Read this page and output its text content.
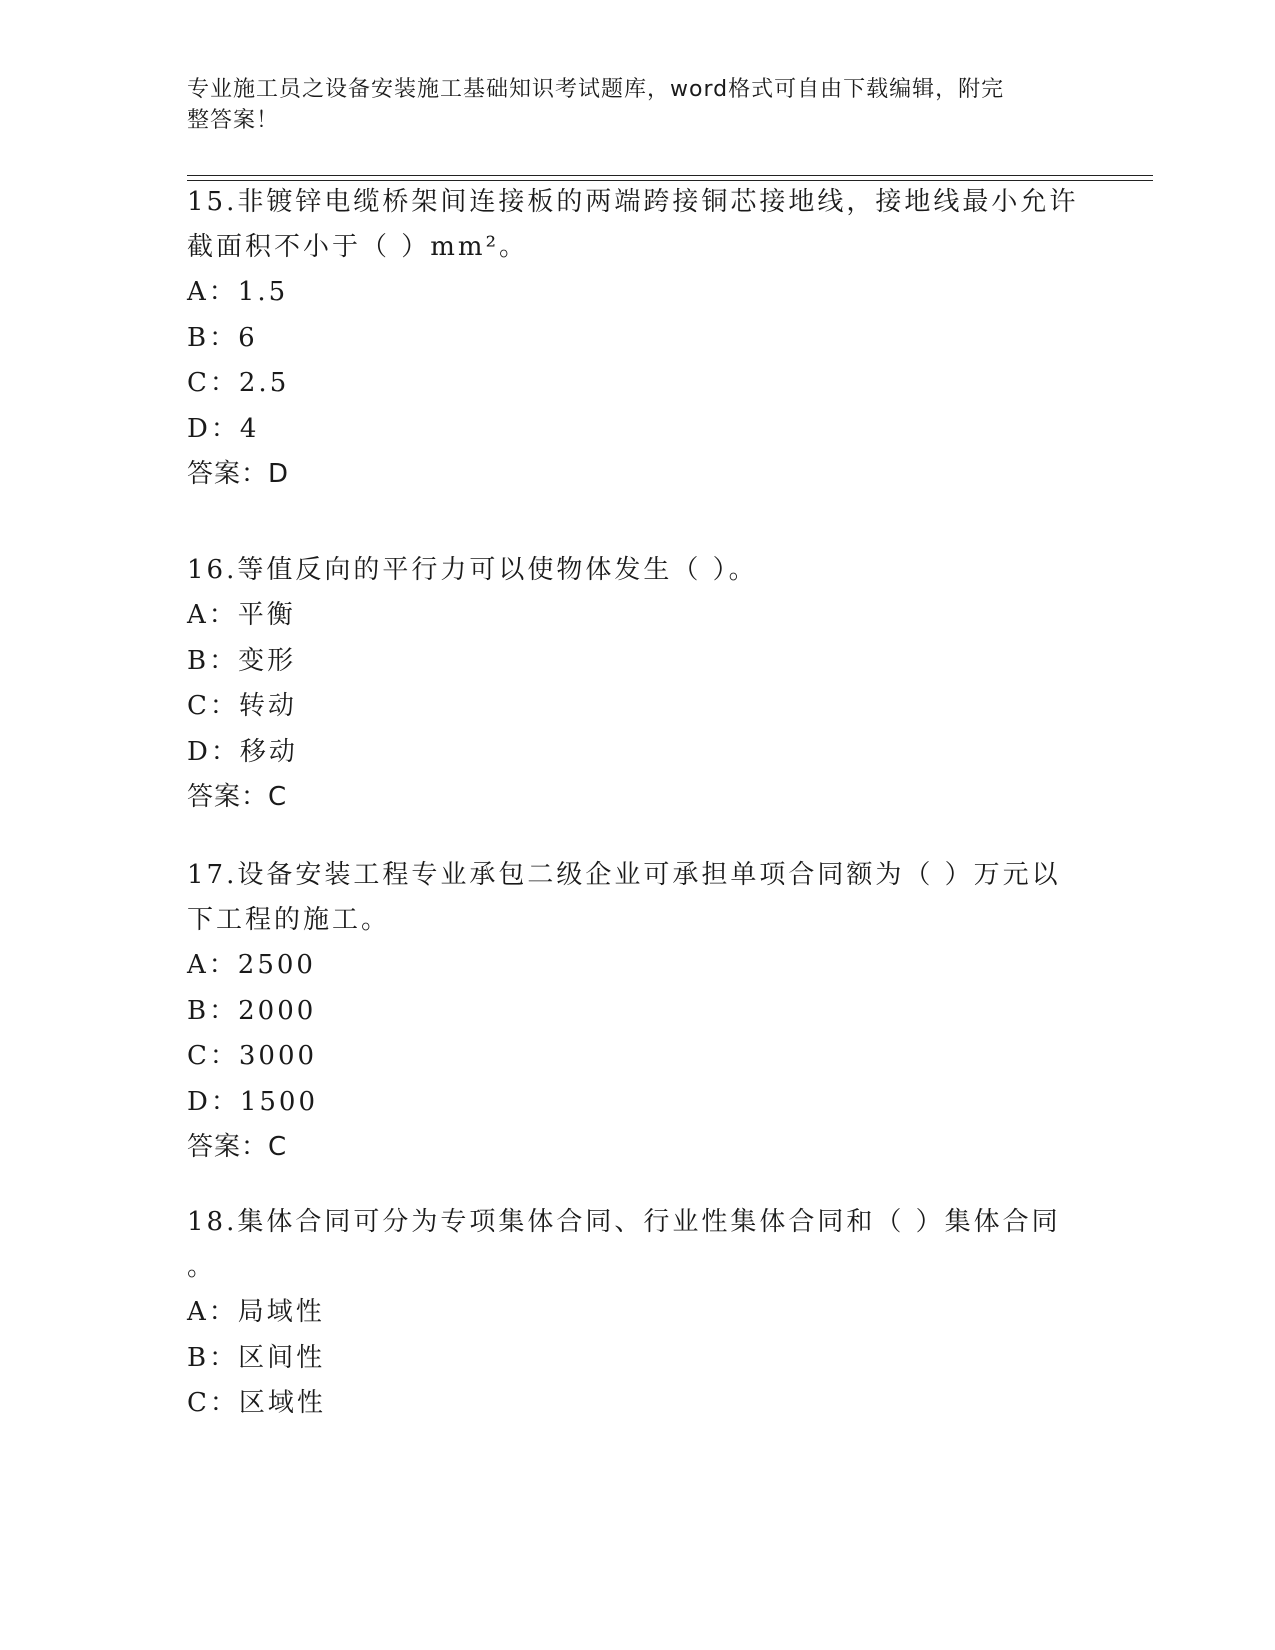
专业施工员之设备安装施工基础知识考试题库，word格式可自由下载编辑，附完
整答案！
15.非镀锌电缆桥架间连接板的两端跨接铜芯接地线，接地线最小允许
截面积不小于（ ）mm²。
A：1.5
B：6
C：2.5
D：4
答案：D
16.等值反向的平行力可以使物体发生（ ）。
A：平衡
B：变形
C：转动
D：移动
答案：C
17.设备安装工程专业承包二级企业可承担单项合同额为（ ）万元以
下工程的施工。
A：2500
B：2000
C：3000
D：1500
答案：C
18.集体合同可分为专项集体合同、行业性集体合同和（ ）集体合同
。
A：局域性
B：区间性
C：区域性
